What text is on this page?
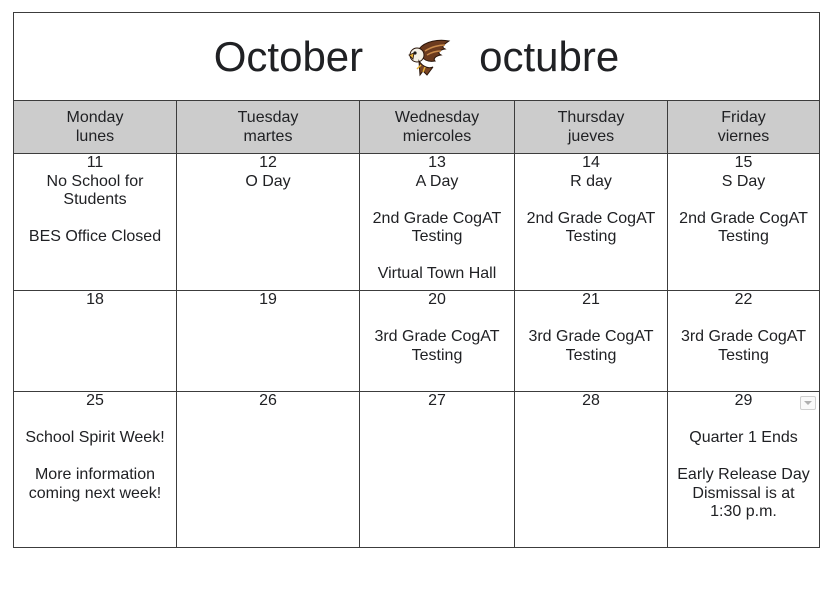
October octubre				

Monday
lunes	Tuesday
martes	Wednesday
miercoles	Thursday
jueves	Friday
viernes

11
No School for
Students
BES Office Closed	12
O Day	13
A Day
2nd Grade CogAT
Testing
Virtual Town Hall	14
R day
2nd Grade CogAT
Testing	15
S Day
2nd Grade CogAT
Testing

18	19	20
3rd Grade CogAT
Testing	21
3rd Grade CogAT
Testing	22
3rd Grade CogAT
Testing

25
School Spirit Week!
More information
coming next week!	26	27	28	29
Quarter 1 Ends
Early Release Day
Dismissal is at
1:30 p.m.
